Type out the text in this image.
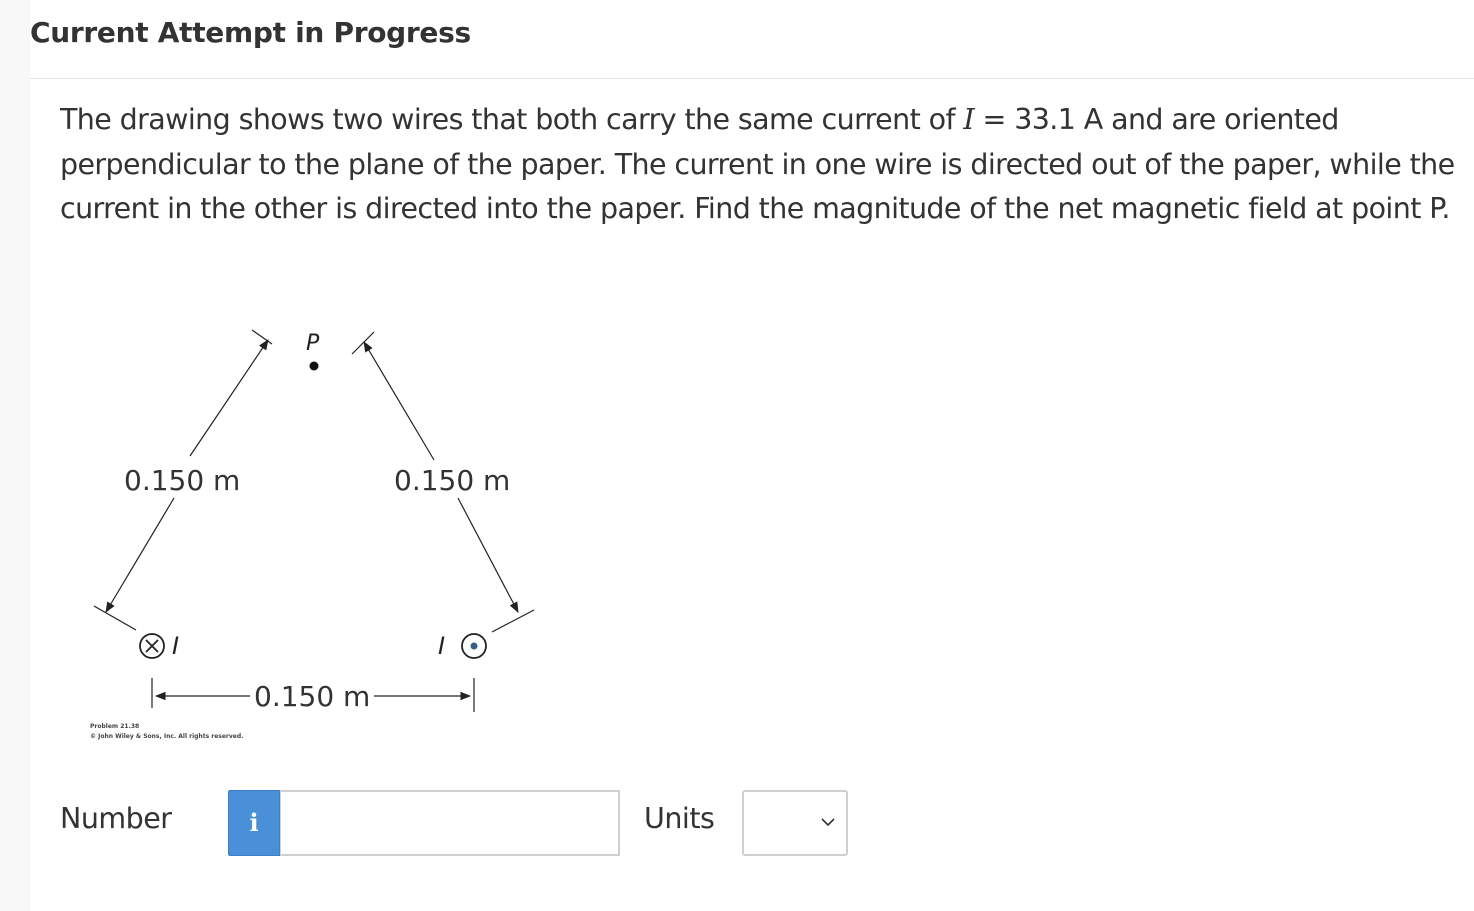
Current Attempt in Progress

The drawing shows two wires that both carry the same current of I = 33.1 A and are oriented perpendicular to the plane of the paper. The current in one wire is directed out of the paper, while the current in the other is directed into the paper. Find the magnitude of the net magnetic field at point P.

P
0.150 m	0.150 m
I	I
0.150 m
Problem 21.38
© John Wiley & Sons, Inc. All rights reserved.
Number	i	Units
